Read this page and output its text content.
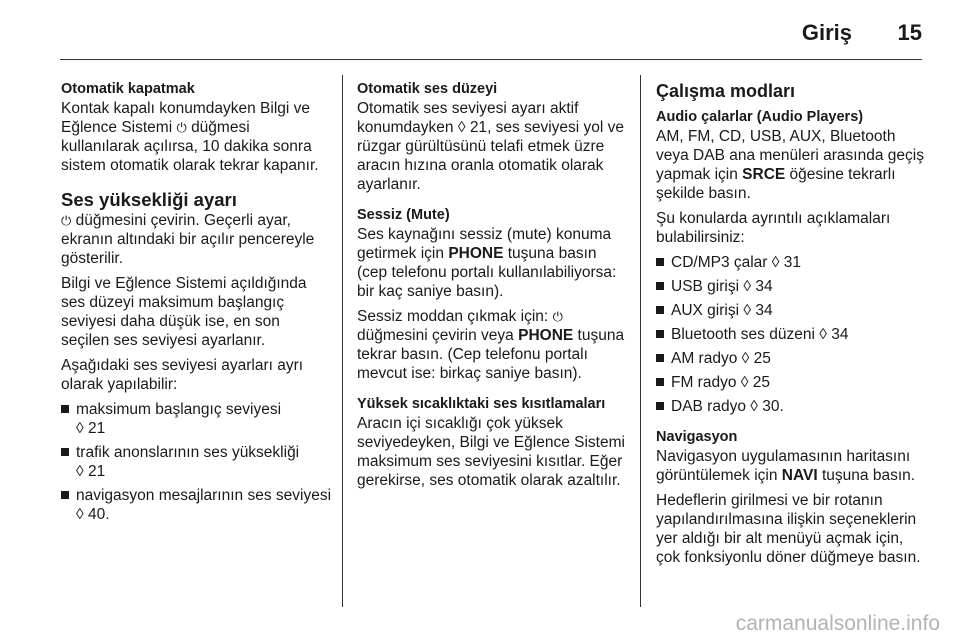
Giriş 15
Otomatik kapatmak

Kontak kapalı konumdayken Bilgi ve Eğlence Sistemi ⏻ düğmesi kullanılarak açılırsa, 10 dakika sonra sistem otomatik olarak tekrar kapanır.

Ses yüksekliği ayarı

⏻ düğmesini çevirin. Geçerli ayar, ekranın altındaki bir açılır pencereyle gösterilir.

Bilgi ve Eğlence Sistemi açıldığında ses düzeyi maksimum başlangıç seviyesi daha düşük ise, en son seçilen ses seviyesi ayarlanır.

Aşağıdaki ses seviyesi ayarları ayrı olarak yapılabilir:

maksimum başlangıç seviyesi
◊ 21
trafik anonslarının ses yüksekliği
◊ 21
navigasyon mesajlarının ses seviyesi ◊ 40.
Otomatik ses düzeyi

Otomatik ses seviyesi ayarı aktif konumdayken ◊ 21, ses seviyesi yol ve rüzgar gürültüsünü telafi etmek üzre aracın hızına oranla otomatik olarak ayarlanır.

Sessiz (Mute)

Ses kaynağını sessiz (mute) konuma getirmek için PHONE tuşuna basın (cep telefonu portalı kullanılabiliyorsa: bir kaç saniye basın).

Sessiz moddan çıkmak için: ⏻ düğmesini çevirin veya PHONE tuşuna tekrar basın. (Cep telefonu portalı mevcut ise: birkaç saniye basın).

Yüksek sıcaklıktaki ses kısıtlamaları

Aracın içi sıcaklığı çok yüksek seviyedeyken, Bilgi ve Eğlence Sistemi maksimum ses seviyesini kısıtlar. Eğer gerekirse, ses otomatik olarak azaltılır.

Çalışma modları
Audio çalarlar (Audio Players)

AM, FM, CD, USB, AUX, Bluetooth veya DAB ana menüleri arasında geçiş yapmak için SRCE öğesine tekrarlı şekilde basın.

Şu konularda ayrıntılı açıklamaları bulabilirsiniz:

CD/MP3 çalar ◊ 31
USB girişi ◊ 34
AUX girişi ◊ 34
Bluetooth ses düzeni ◊ 34
AM radyo ◊ 25
FM radyo ◊ 25
DAB radyo ◊ 30.
Navigasyon

Navigasyon uygulamasının haritasını görüntülemek için NAVI tuşuna basın.

Hedeflerin girilmesi ve bir rotanın yapılandırılmasına ilişkin seçeneklerin yer aldığı bir alt menüyü açmak için, çok fonksiyonlu döner düğmeye basın.

carmanualsonline.info
